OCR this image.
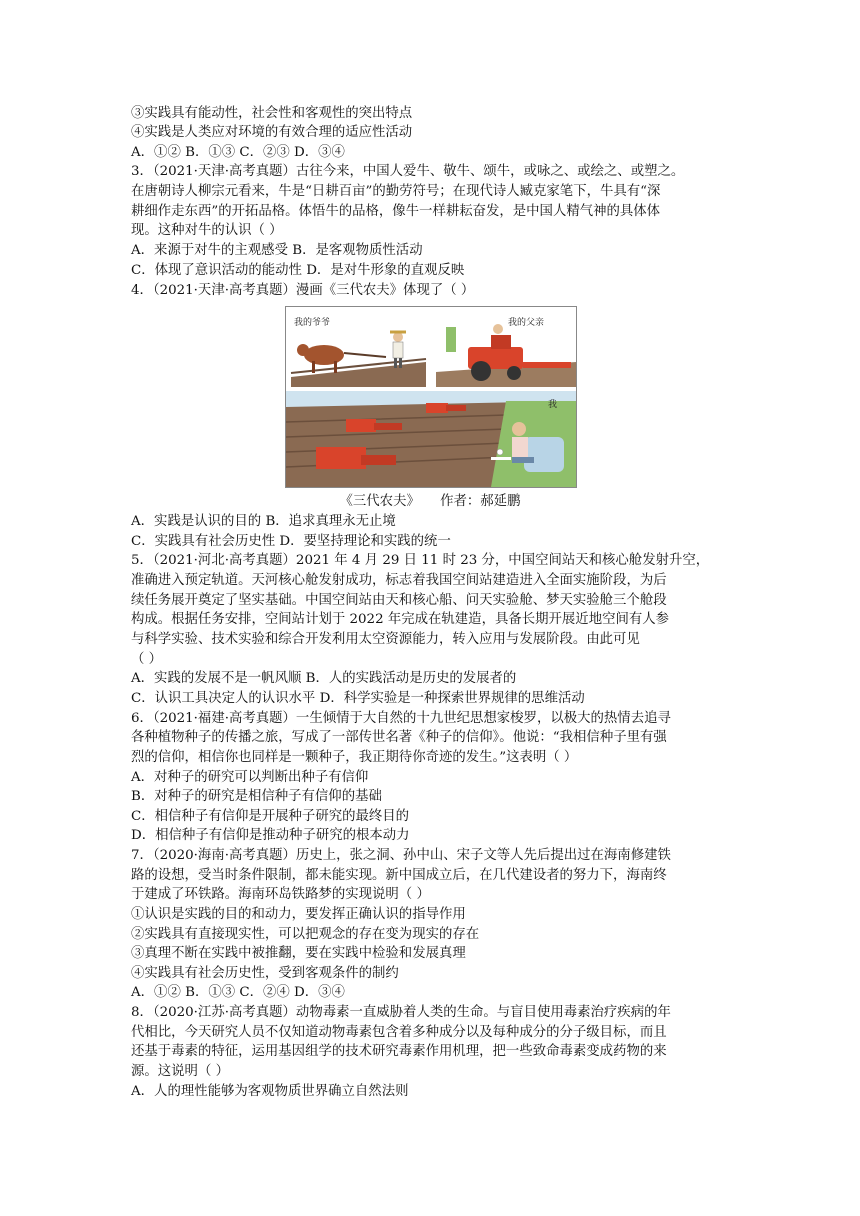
③实践具有能动性，社会性和客观性的突出特点
④实践是人类应对环境的有效合理的适应性活动
A．①② B．①③ C．②③ D．③④
3．（2021·天津·高考真题）古往今来，中国人爱牛、敬牛、颂牛，或咏之、或绘之、或塑之。
在唐朝诗人柳宗元看来，牛是“日耕百亩”的勤劳符号；在现代诗人臧克家笔下，牛具有“深
耕细作走东西”的开拓品格。体悟牛的品格，像牛一样耕耘奋发，是中国人精气神的具体体
现。这种对牛的认识（ ）
A．来源于对牛的主观感受 B．是客观物质性活动
C．体现了意识活动的能动性 D．是对牛形象的直观反映
4．（2021·天津·高考真题）漫画《三代农夫》体现了（ ）
我的爷爷	我的父亲
我
《三代农夫》 作者：郝延鹏
A．实践是认识的目的 B．追求真理永无止境
C．实践具有社会历史性 D．要坚持理论和实践的统一
5．（2021·河北·高考真题）2021 年 4 月 29 日 11 时 23 分，中国空间站天和核心舱发射升空，
准确进入预定轨道。天河核心舱发射成功，标志着我国空间站建造进入全面实施阶段，为后
续任务展开奠定了坚实基础。中国空间站由天和核心船、问天实验舱、梦天实验舱三个舱段
构成。根据任务安排，空间站计划于 2022 年完成在轨建造，具备长期开展近地空间有人参
与科学实验、技术实验和综合开发利用太空资源能力，转入应用与发展阶段。由此可见
（ ）
A．实践的发展不是一帆风顺 B．人的实践活动是历史的发展者的
C．认识工具决定人的认识水平 D．科学实验是一种探索世界规律的思维活动
6．（2021·福建·高考真题）一生倾情于大自然的十九世纪思想家梭罗，以极大的热情去追寻
各种植物种子的传播之旅，写成了一部传世名著《种子的信仰》。他说：“我相信种子里有强
烈的信仰，相信你也同样是一颗种子，我正期待你奇迹的发生。”这表明（ ）
A．对种子的研究可以判断出种子有信仰
B．对种子的研究是相信种子有信仰的基础
C．相信种子有信仰是开展种子研究的最终目的
D．相信种子有信仰是推动种子研究的根本动力
7．（2020·海南·高考真题）历史上，张之洞、孙中山、宋子文等人先后提出过在海南修建铁
路的设想，受当时条件限制，都未能实现。新中国成立后，在几代建设者的努力下，海南终
于建成了环铁路。海南环岛铁路梦的实现说明（ ）
①认识是实践的目的和动力，要发挥正确认识的指导作用
②实践具有直接现实性，可以把观念的存在变为现实的存在
③真理不断在实践中被推翻，要在实践中检验和发展真理
④实践具有社会历史性，受到客观条件的制约
A．①② B．①③ C．②④ D．③④
8．（2020·江苏·高考真题）动物毒素一直威胁着人类的生命。与盲目使用毒素治疗疾病的年
代相比，今天研究人员不仅知道动物毒素包含着多种成分以及每种成分的分子级目标，而且
还基于毒素的特征，运用基因组学的技术研究毒素作用机理，把一些致命毒素变成药物的来
源。这说明（ ）
A．人的理性能够为客观物质世界确立自然法则
